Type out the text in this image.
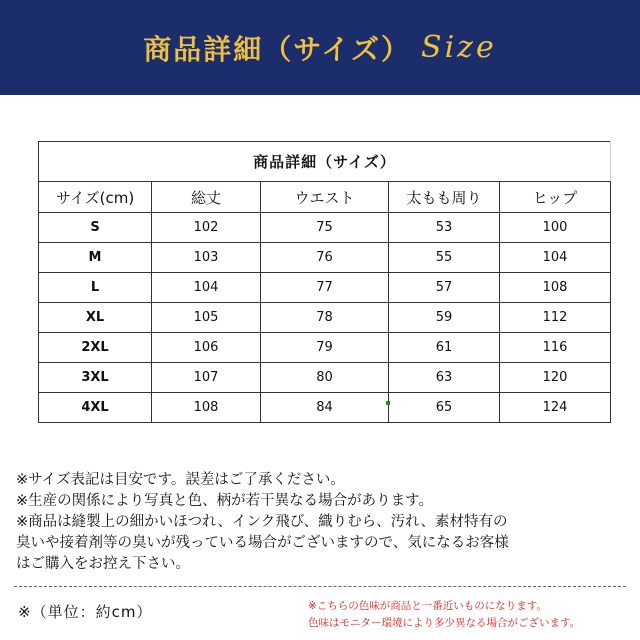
商品詳細（サイズ） Size
商品詳細（サイズ）				
サイズ(cm)	総丈	ウエスト	太もも周り	ヒップ
S	102	75	53	100
M	103	76	55	104
L	104	77	57	108
XL	105	78	59	112
2XL	106	79	61	116
3XL	107	80	63	120
4XL	108	84	65	124
※サイズ表記は目安です。誤差はご了承ください。
※生産の関係により写真と色、柄が若干異なる場合があります。
※商品は縫製上の細かいほつれ、インク飛び、織りむら、汚れ、素材特有の
臭いや接着剤等の臭いが残っている場合がございますので、気になるお客様
はご購入をお控え下さい。
※（単位：約cm）	※こちらの色味が商品と一番近いものになります。
色味はモニター環境により多少異なる場合がございます。
